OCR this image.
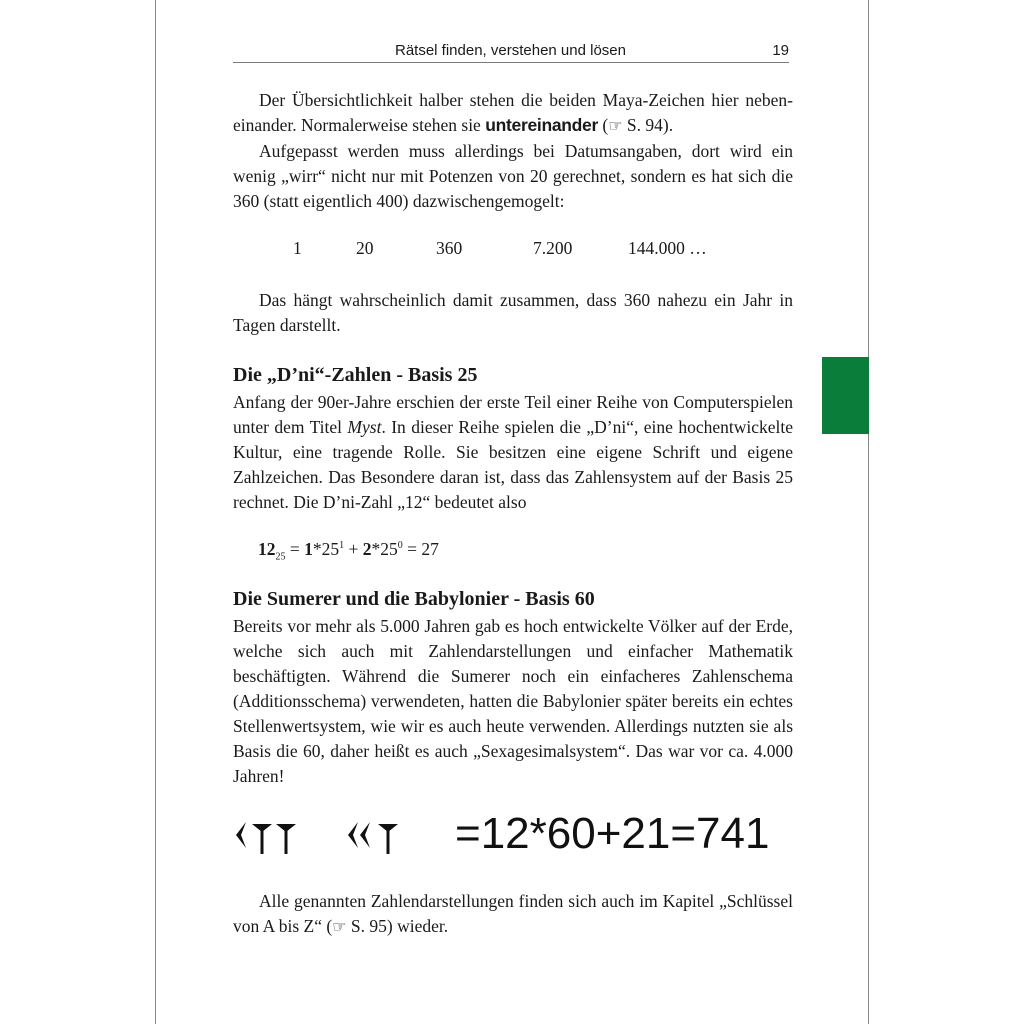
Rätsel finden, verstehen und lösen	19

Der Übersichtlichkeit halber stehen die beiden Maya-Zeichen hier nebeneinander. Normalerweise stehen sie untereinander (☞ S. 94).

Aufgepasst werden muss allerdings bei Datumsangaben, dort wird ein wenig „wirr“ nicht nur mit Potenzen von 20 gerechnet, sondern es hat sich die 360 (statt eigentlich 400) dazwischengemogelt:

1	20	360	7.200	144.000 …

Das hängt wahrscheinlich damit zusammen, dass 360 nahezu ein Jahr in Tagen darstellt.

Die „D’ni“-Zahlen - Basis 25

Anfang der 90er-Jahre erschien der erste Teil einer Reihe von Computerspielen unter dem Titel Myst. In dieser Reihe spielen die „D’ni“, eine hochentwickelte Kultur, eine tragende Rolle. Sie besitzen eine eigene Schrift und eigene Zahlzeichen. Das Besondere daran ist, dass das Zahlensystem auf der Basis 25 rechnet. Die D’ni-Zahl „12“ bedeutet also

$12_{25} = 1*25^1 + 2*25^0 = 27$
Die Sumerer und die Babylonier - Basis 60

Bereits vor mehr als 5.000 Jahren gab es hoch entwickelte Völker auf der Erde, welche sich auch mit Zahlendarstellungen und einfacher Mathematik beschäftigten. Während die Sumerer noch ein einfacheres Zahlenschema (Additionsschema) verwendeten, hatten die Babylonier später bereits ein echtes Stellenwertsystem, wie wir es auch heute verwenden. Allerdings nutzten sie als Basis die 60, daher heißt es auch „Sexagesimalsystem“. Das war vor ca. 4.000 Jahren!

=12*60+21=741

Alle genannten Zahlendarstellungen finden sich auch im Kapitel „Schlüssel von A bis Z“ (☞ S. 95) wieder.
